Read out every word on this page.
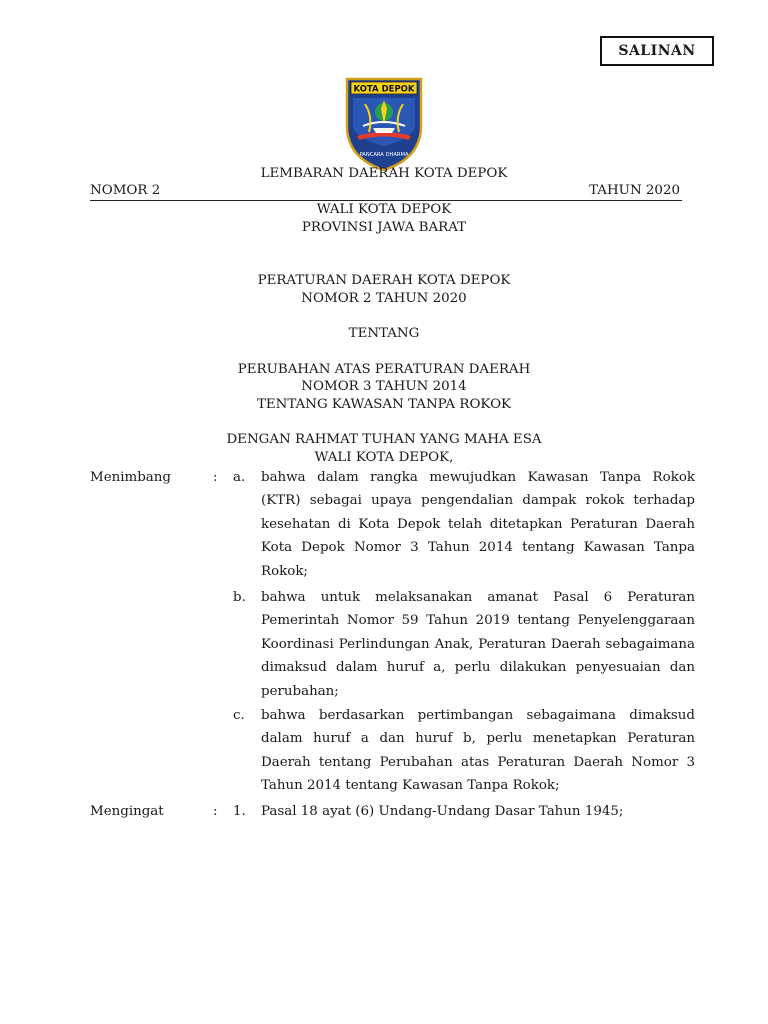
SALINAN
KOTA DEPOK
PANCARA DHARMA
LEMBARAN DAERAH KOTA DEPOK
NOMOR 2	TAHUN 2020
WALI KOTA DEPOK
PROVINSI JAWA BARAT
PERATURAN DAERAH KOTA DEPOK
NOMOR 2 TAHUN 2020
TENTANG
PERUBAHAN ATAS PERATURAN DAERAH
NOMOR 3 TAHUN 2014
TENTANG KAWASAN TANPA ROKOK
DENGAN RAHMAT TUHAN YANG MAHA ESA
WALI KOTA DEPOK,
Menimbang	: a. bahwa dalam rangka mewujudkan Kawasan Tanpa Rokok (KTR) sebagai upaya pengendalian dampak rokok terhadap kesehatan di Kota Depok telah ditetapkan Peraturan Daerah Kota Depok Nomor 3 Tahun 2014 tentang Kawasan Tanpa Rokok;
b. bahwa untuk melaksanakan amanat Pasal 6 Peraturan Pemerintah Nomor 59 Tahun 2019 tentang Penyelenggaraan Koordinasi Perlindungan Anak, Peraturan Daerah sebagaimana dimaksud dalam huruf a, perlu dilakukan penyesuaian dan perubahan;
c. bahwa berdasarkan pertimbangan sebagaimana dimaksud dalam huruf a dan huruf b, perlu menetapkan Peraturan Daerah tentang Perubahan atas Peraturan Daerah Nomor 3 Tahun 2014 tentang Kawasan Tanpa Rokok;
Mengingat	: 1. Pasal 18 ayat (6) Undang-Undang Dasar Tahun 1945;
